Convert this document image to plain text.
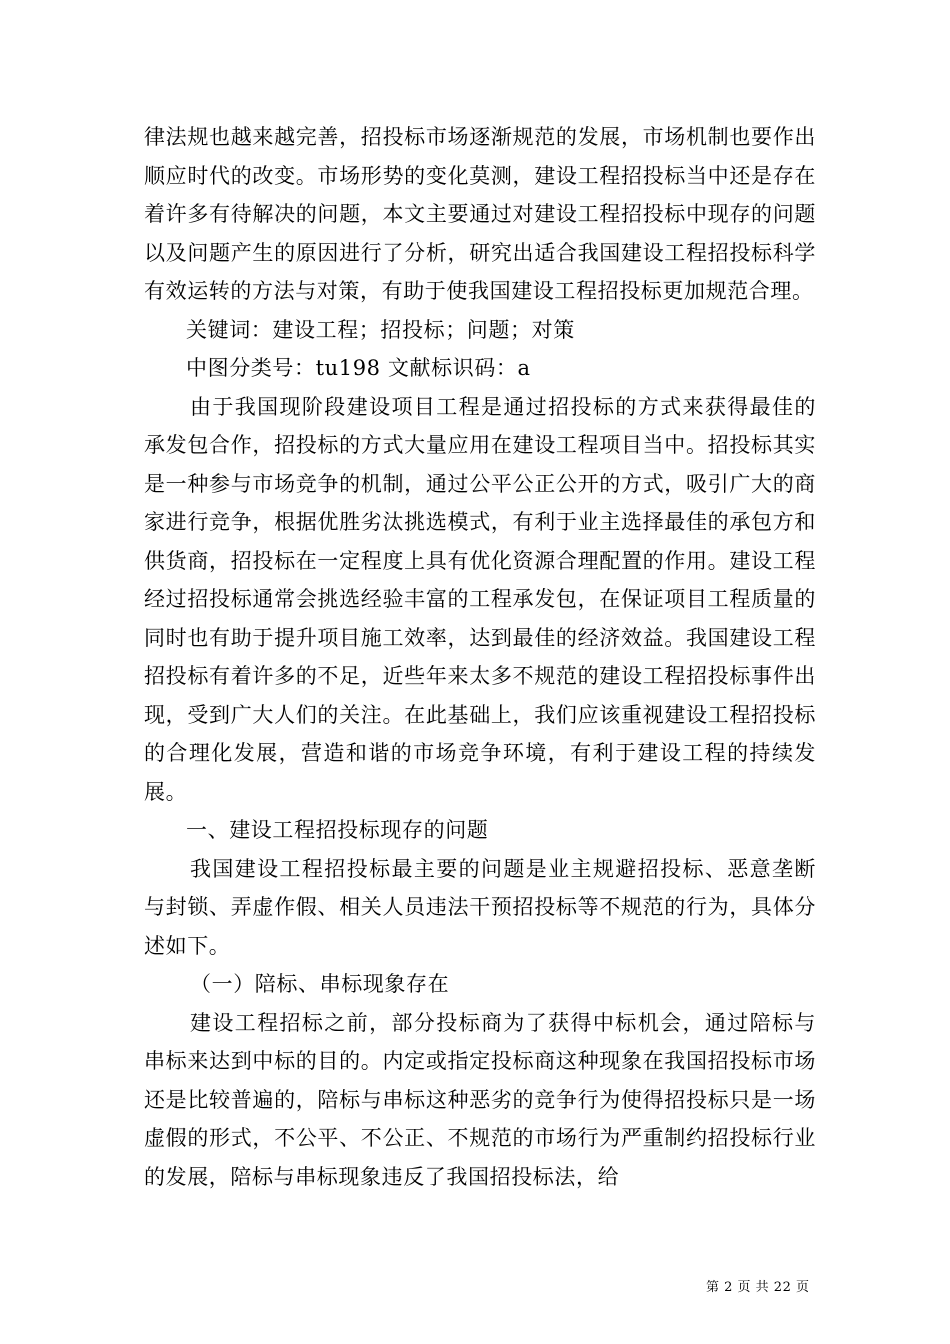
律法规也越来越完善，招投标市场逐渐规范的发展，市场机制也要作出顺应时代的改变。市场形势的变化莫测，建设工程招投标当中还是存在着许多有待解决的问题，本文主要通过对建设工程招投标中现存的问题以及问题产生的原因进行了分析，研究出适合我国建设工程招投标科学有效运转的方法与对策，有助于使我国建设工程招投标更加规范合理。

关键词：建设工程；招投标；问题；对策

中图分类号：tu198 文献标识码：a

由于我国现阶段建设项目工程是通过招投标的方式来获得最佳的承发包合作，招投标的方式大量应用在建设工程项目当中。招投标其实是一种参与市场竞争的机制，通过公平公正公开的方式，吸引广大的商家进行竞争，根据优胜劣汰挑选模式，有利于业主选择最佳的承包方和供货商，招投标在一定程度上具有优化资源合理配置的作用。建设工程经过招投标通常会挑选经验丰富的工程承发包，在保证项目工程质量的同时也有助于提升项目施工效率，达到最佳的经济效益。我国建设工程招投标有着许多的不足，近些年来太多不规范的建设工程招投标事件出现，受到广大人们的关注。在此基础上，我们应该重视建设工程招投标的合理化发展，营造和谐的市场竞争环境，有利于建设工程的持续发展。

一、建设工程招投标现存的问题

我国建设工程招投标最主要的问题是业主规避招投标、恶意垄断与封锁、弄虚作假、相关人员违法干预招投标等不规范的行为，具体分述如下。

（一）陪标、串标现象存在

建设工程招标之前，部分投标商为了获得中标机会，通过陪标与串标来达到中标的目的。内定或指定投标商这种现象在我国招投标市场还是比较普遍的，陪标与串标这种恶劣的竞争行为使得招投标只是一场虚假的形式，不公平、不公正、不规范的市场行为严重制约招投标行业的发展，陪标与串标现象违反了我国招投标法，给

第 2 页 共 22 页
